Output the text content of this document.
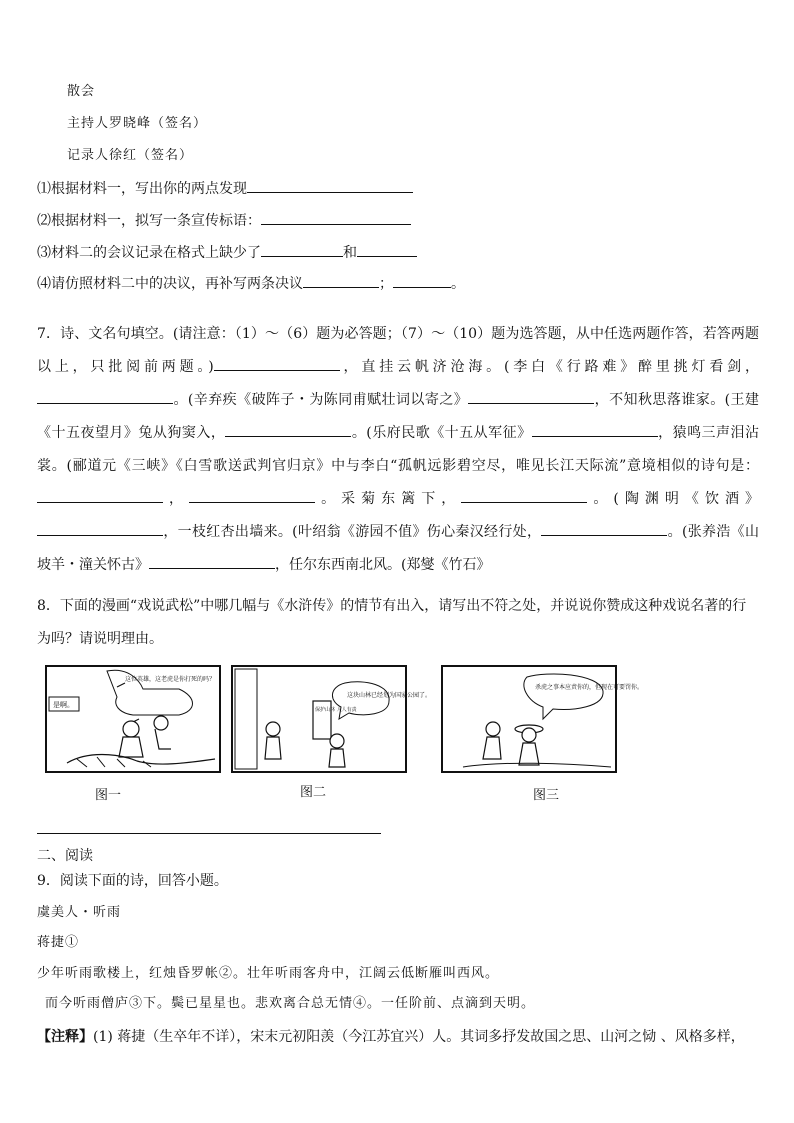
散会
主持人罗晓峰（签名）
记录人徐红（签名）
⑴根据材料一，写出你的两点发现
⑵根据材料一，拟写一条宣传标语：
⑶材料二的会议记录在格式上缺少了	和
⑷请仿照材料二中的决议，再补写两条决议	；	。
7．诗、文名句填空。(请注意：（1）～（6）题为必答题；（7）～（10）题为选答题，从中任选两题作答，若答两题以上，只批阅前两题。)	，直挂云帆济沧海。(李白《行路难》醉里挑灯看剑，。(辛弃疾《破阵子・为陈同甫赋壮词以寄之》	，不知秋思落谁家。(王建《十五夜望月》兔从狗窦入，	。(乐府民歌《十五从军征》	，猿鸣三声泪沾裳。(郦道元《三峡》《白雪歌送武判官归京》中与李白“孤帆远影碧空尽，唯见长江天际流”意境相似的诗句是：，	。采菊东篱下，	。(陶渊明《饮酒》，一枝红杏出墙来。(叶绍翁《游园不值》伤心秦汉经行处，	。(张养浩《山坡羊・潼关怀古》	，任尔东西南北风。(郑燮《竹石》
8．下面的漫画“戏说武松”中哪几幅与《水浒传》的情节有出入，请写出不符之处，并说说你赞成这种戏说名著的行为吗？请说明理由。
这位英雄，这老虎是你打死的吗？
是啊。
这块山林已经划为国家公园了。
保护山林 人人有责
杀虎之事本应责你的，但现在可要罚你。
图一	图二	图三
二、阅读
9．阅读下面的诗，回答小题。
虞美人・听雨
蒋捷①
少年听雨歌楼上，红烛昏罗帐②。壮年听雨客舟中，江阔云低断雁叫西风。
而今听雨僧庐③下。鬓已星星也。悲欢离合总无情④。一任阶前、点滴到天明。
【注释】(1) 蒋捷（生卒年不详），宋末元初阳羡（今江苏宜兴）人。其词多抒发故国之思、山河之恸 、风格多样，
